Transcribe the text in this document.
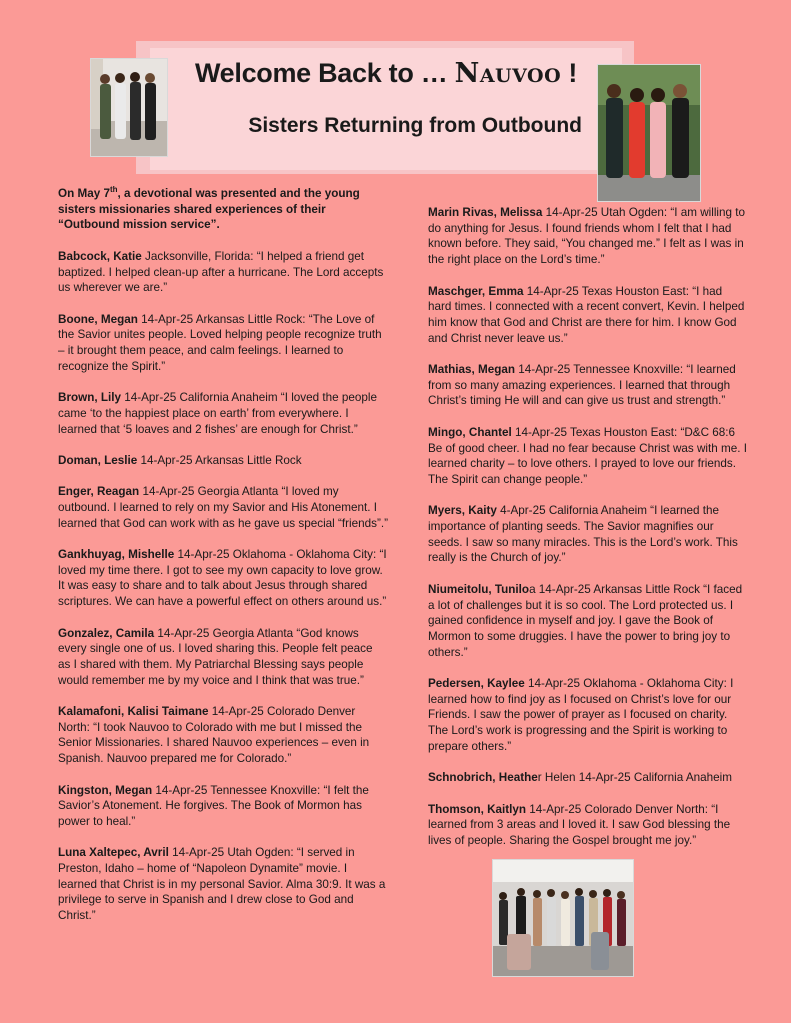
Welcome Back to … Nauvoo !
Sisters Returning from Outbound
On May 7th, a devotional was presented and the young sisters missionaries shared experiences of their “Outbound mission service”.
Babcock, Katie Jacksonville, Florida: “I helped a friend get baptized. I helped clean-up after a hurricane. The Lord accepts us wherever we are.”
Boone, Megan 14-Apr-25 Arkansas Little Rock: “The Love of the Savior unites people. Loved helping people recognize truth – it brought them peace, and calm feelings. I learned to recognize the Spirit.”
Brown, Lily 14-Apr-25 California Anaheim “I loved the people came ‘to the happiest place on earth’ from everywhere. I learned that ‘5 loaves and 2 fishes’ are enough for Christ.”
Doman, Leslie 14-Apr-25 Arkansas Little Rock
Enger, Reagan 14-Apr-25 Georgia Atlanta “I loved my outbound. I learned to rely on my Savior and His Atonement. I learned that God can work with as he gave us special “friends”.”
Gankhuyag, Mishelle 14-Apr-25 Oklahoma - Oklahoma City: “I loved my time there. I got to see my own capacity to love grow. It was easy to share and to talk about Jesus through shared scriptures. We can have a powerful effect on others around us.”
Gonzalez, Camila 14-Apr-25 Georgia Atlanta “God knows every single one of us. I loved sharing this. People felt peace as I shared with them. My Patriarchal Blessing says people would remember me by my voice and I think that was true.”
Kalamafoni, Kalisi Taimane 14-Apr-25 Colorado Denver North: “I took Nauvoo to Colorado with me but I missed the Senior Missionaries. I shared Nauvoo experiences – even in Spanish. Nauvoo prepared me for Colorado.”
Kingston, Megan 14-Apr-25 Tennessee Knoxville: “I felt the Savior’s Atonement. He forgives. The Book of Mormon has power to heal.”
Luna Xaltepec, Avril 14-Apr-25 Utah Ogden: “I served in Preston, Idaho – home of “Napoleon Dynamite” movie. I learned that Christ is in my personal Savior. Alma 30:9. It was a privilege to serve in Spanish and I drew close to God and Christ.”
Marin Rivas, Melissa 14-Apr-25 Utah Ogden: “I am willing to do anything for Jesus. I found friends whom I felt that I had known before. They said, “You changed me.” I felt as I was in the right place on the Lord’s time.”
Maschger, Emma 14-Apr-25 Texas Houston East: “I had hard times. I connected with a recent convert, Kevin. I helped him know that God and Christ are there for him. I know God and Christ never leave us.”
Mathias, Megan 14-Apr-25 Tennessee Knoxville: “I learned from so many amazing experiences. I learned that through Christ’s timing He will and can give us trust and strength.”
Mingo, Chantel 14-Apr-25 Texas Houston East: “D&C 68:6 Be of good cheer. I had no fear because Christ was with me. I learned charity – to love others. I prayed to love our friends. The Spirit can change people.”
Myers, Kaity 4-Apr-25 California Anaheim “I learned the importance of planting seeds. The Savior magnifies our seeds. I saw so many miracles. This is the Lord’s work. This really is the Church of joy.”
Niumeitolu, Tuniloa 14-Apr-25 Arkansas Little Rock “I faced a lot of challenges but it is so cool. The Lord protected us. I gained confidence in myself and joy. I gave the Book of Mormon to some druggies. I have the power to bring joy to others.”
Pedersen, Kaylee 14-Apr-25 Oklahoma - Oklahoma City: I learned how to find joy as I focused on Christ’s love for our Friends. I saw the power of prayer as I focused on charity. The Lord’s work is progressing and the Spirit is working to prepare others.”
Schnobrich, Heather Helen 14-Apr-25 California Anaheim
Thomson, Kaitlyn 14-Apr-25 Colorado Denver North: “I learned from 3 areas and I loved it. I saw God blessing the lives of people. Sharing the Gospel brought me joy.”
